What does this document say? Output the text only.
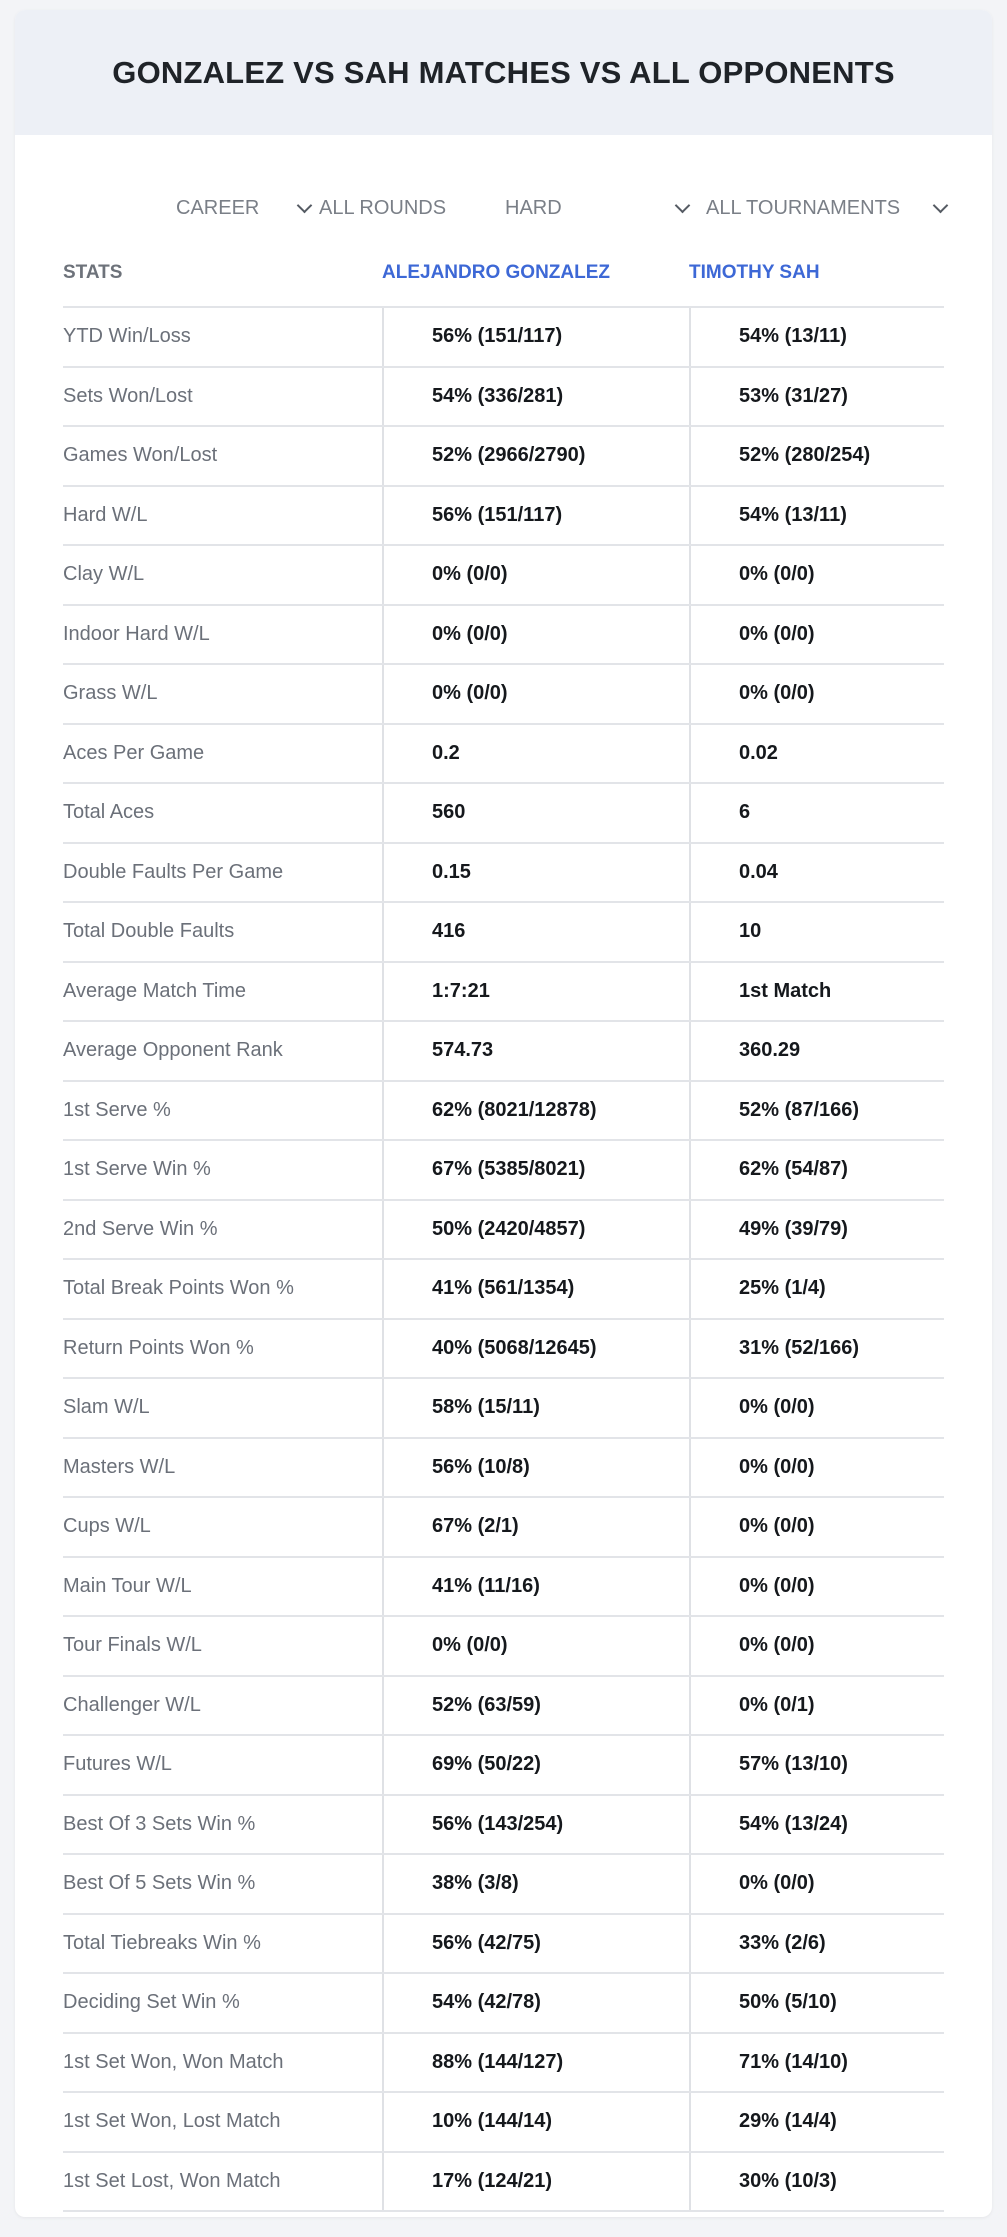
GONZALEZ VS SAH MATCHES VS ALL OPPONENTS
CAREER	ALL ROUNDS	HARD	ALL TOURNAMENTS
STATS	ALEJANDRO GONZALEZ	TIMOTHY SAH
YTD Win/Loss	56% (151/117)	54% (13/11)
Sets Won/Lost	54% (336/281)	53% (31/27)
Games Won/Lost	52% (2966/2790)	52% (280/254)
Hard W/L	56% (151/117)	54% (13/11)
Clay W/L	0% (0/0)	0% (0/0)
Indoor Hard W/L	0% (0/0)	0% (0/0)
Grass W/L	0% (0/0)	0% (0/0)
Aces Per Game	0.2	0.02
Total Aces	560	6
Double Faults Per Game	0.15	0.04
Total Double Faults	416	10
Average Match Time	1:7:21	1st Match
Average Opponent Rank	574.73	360.29
1st Serve %	62% (8021/12878)	52% (87/166)
1st Serve Win %	67% (5385/8021)	62% (54/87)
2nd Serve Win %	50% (2420/4857)	49% (39/79)
Total Break Points Won %	41% (561/1354)	25% (1/4)
Return Points Won %	40% (5068/12645)	31% (52/166)
Slam W/L	58% (15/11)	0% (0/0)
Masters W/L	56% (10/8)	0% (0/0)
Cups W/L	67% (2/1)	0% (0/0)
Main Tour W/L	41% (11/16)	0% (0/0)
Tour Finals W/L	0% (0/0)	0% (0/0)
Challenger W/L	52% (63/59)	0% (0/1)
Futures W/L	69% (50/22)	57% (13/10)
Best Of 3 Sets Win %	56% (143/254)	54% (13/24)
Best Of 5 Sets Win %	38% (3/8)	0% (0/0)
Total Tiebreaks Win %	56% (42/75)	33% (2/6)
Deciding Set Win %	54% (42/78)	50% (5/10)
1st Set Won, Won Match	88% (144/127)	71% (14/10)
1st Set Won, Lost Match	10% (144/14)	29% (14/4)
1st Set Lost, Won Match	17% (124/21)	30% (10/3)
